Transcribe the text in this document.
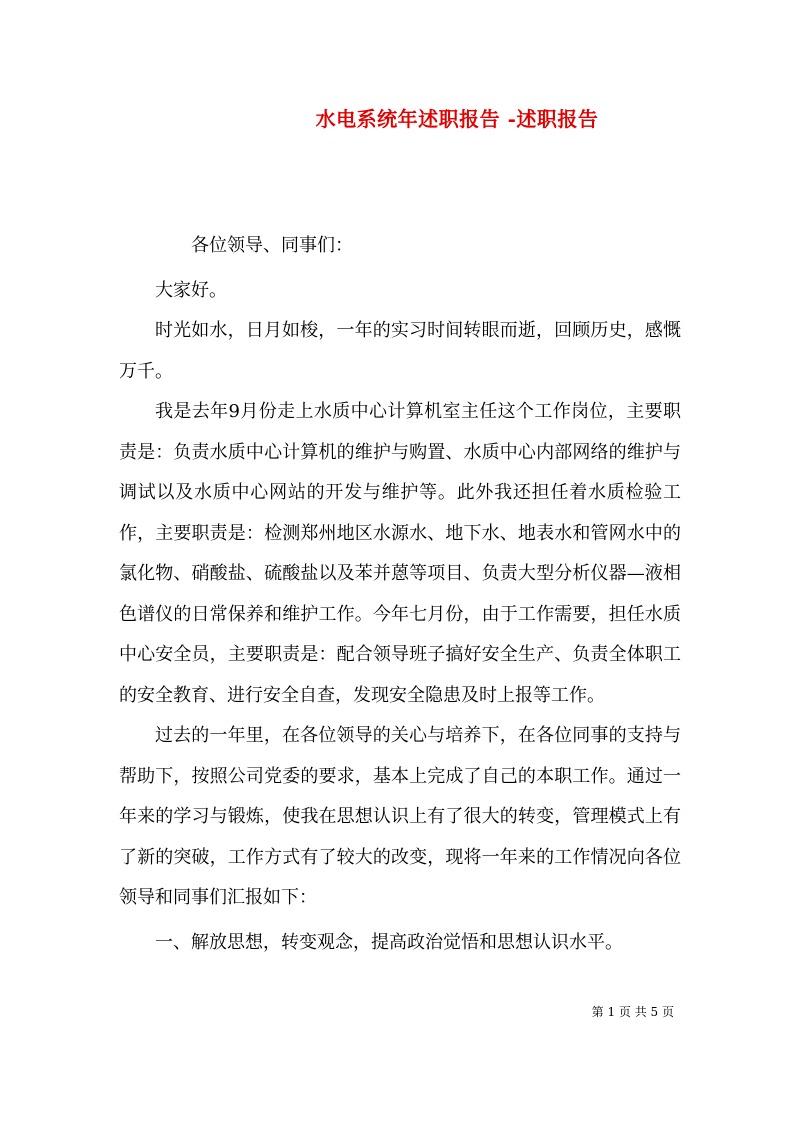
水电系统年述职报告 -述职报告

各位领导、同事们：

大家好。

时光如水，日月如梭，一年的实习时间转眼而逝，回顾历史，感慨万千。

我是去年9月份走上水质中心计算机室主任这个工作岗位，主要职责是：负责水质中心计算机的维护与购置、水质中心内部网络的维护与调试以及水质中心网站的开发与维护等。此外我还担任着水质检验工作，主要职责是：检测郑州地区水源水、地下水、地表水和管网水中的氯化物、硝酸盐、硫酸盐以及苯并蒽等项目、负责大型分析仪器—液相色谱仪的日常保养和维护工作。今年七月份，由于工作需要，担任水质中心安全员，主要职责是：配合领导班子搞好安全生产、负责全体职工的安全教育、进行安全自查，发现安全隐患及时上报等工作。

过去的一年里，在各位领导的关心与培养下，在各位同事的支持与帮助下，按照公司党委的要求，基本上完成了自己的本职工作。通过一年来的学习与锻炼，使我在思想认识上有了很大的转变，管理模式上有了新的突破，工作方式有了较大的改变，现将一年来的工作情况向各位领导和同事们汇报如下：

一、解放思想，转变观念，提高政治觉悟和思想认识水平。

第 1 页 共 5 页
